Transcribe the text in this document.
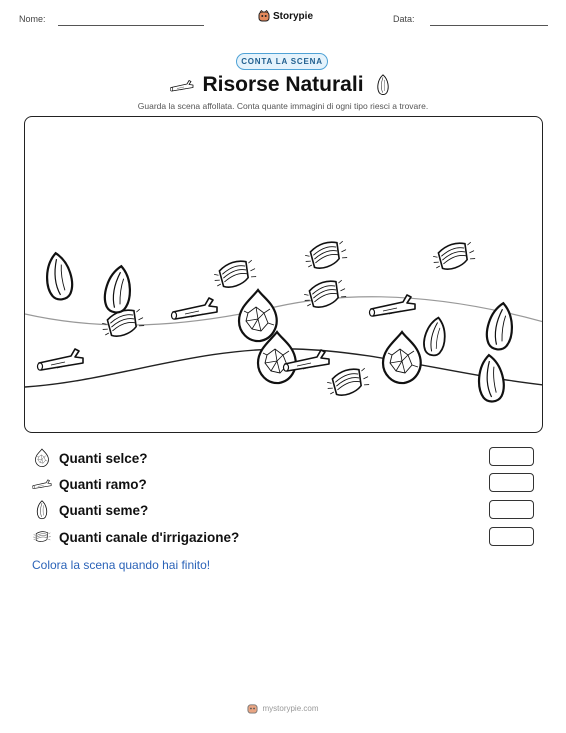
Nome:	Storypie	Data:
CONTA LA SCENA
Risorse Naturali
Guarda la scena affollata. Conta quante immagini di ogni tipo riesci a trovare.
Quanti selce?
Quanti ramo?
Quanti seme?
Quanti canale d'irrigazione?
Colora la scena quando hai finito!
mystorypie.com
